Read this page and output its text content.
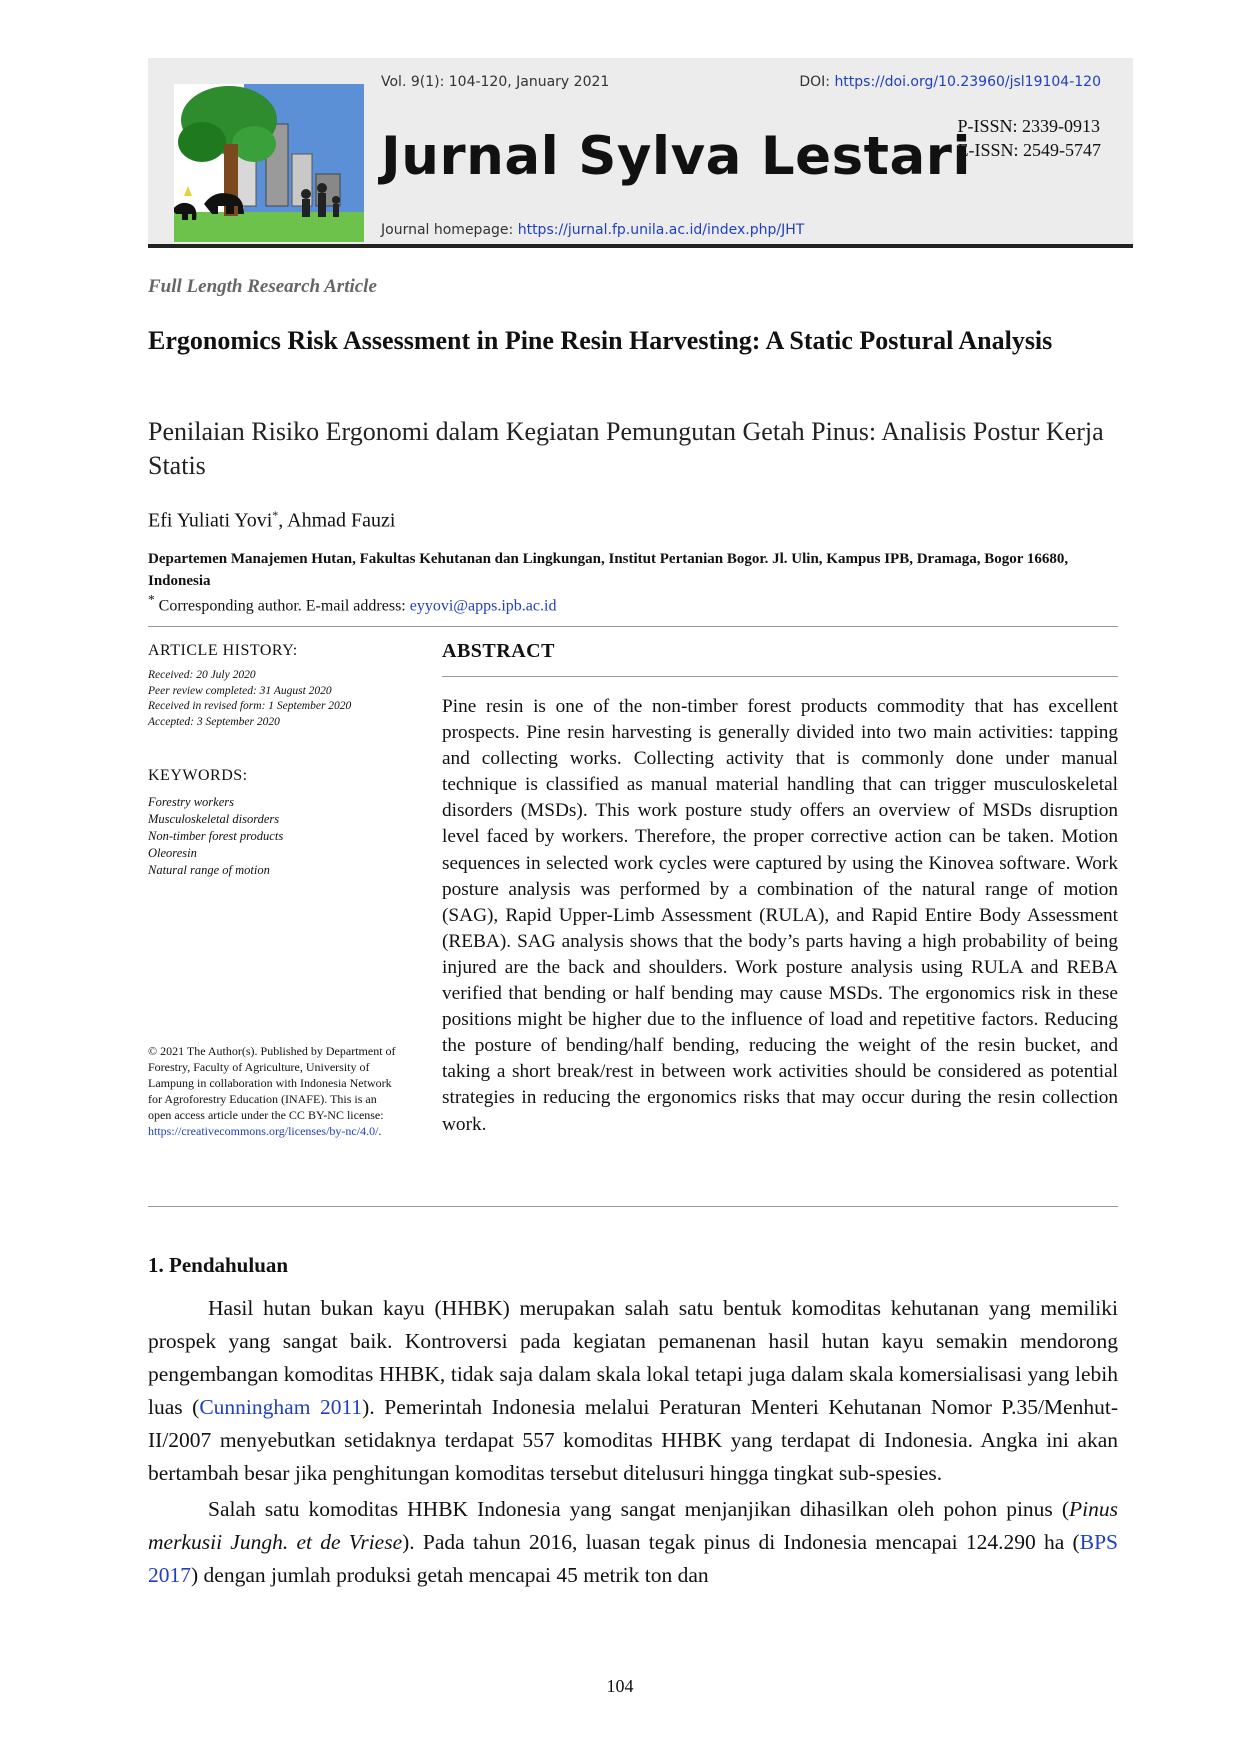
Vol. 9(1): 104-120, January 2021	DOI: https://doi.org/10.23960/jsl19104-120
Jurnal Sylva Lestari
P-ISSN: 2339-0913
E-ISSN: 2549-5747
Journal homepage: https://jurnal.fp.unila.ac.id/index.php/JHT
Full Length Research Article
Ergonomics Risk Assessment in Pine Resin Harvesting: A Static Postural Analysis
Penilaian Risiko Ergonomi dalam Kegiatan Pemungutan Getah Pinus: Analisis Postur Kerja Statis
Efi Yuliati Yovi*, Ahmad Fauzi
Departemen Manajemen Hutan, Fakultas Kehutanan dan Lingkungan, Institut Pertanian Bogor. Jl. Ulin, Kampus IPB, Dramaga, Bogor 16680, Indonesia
* Corresponding author. E-mail address: eyyovi@apps.ipb.ac.id
ARTICLE HISTORY:
Received: 20 July 2020
Peer review completed: 31 August 2020
Received in revised form: 1 September 2020
Accepted: 3 September 2020
KEYWORDS:
Forestry workers
Musculoskeletal disorders
Non-timber forest products
Oleoresin
Natural range of motion
© 2021 The Author(s). Published by Department of Forestry, Faculty of Agriculture, University of Lampung in collaboration with Indonesia Network for Agroforestry Education (INAFE). This is an open access article under the CC BY-NC license: https://creativecommons.org/licenses/by-nc/4.0/.
ABSTRACT
Pine resin is one of the non-timber forest products commodity that has excellent prospects. Pine resin harvesting is generally divided into two main activities: tapping and collecting works. Collecting activity that is commonly done under manual technique is classified as manual material handling that can trigger musculoskeletal disorders (MSDs). This work posture study offers an overview of MSDs disruption level faced by workers. Therefore, the proper corrective action can be taken. Motion sequences in selected work cycles were captured by using the Kinovea software. Work posture analysis was performed by a combination of the natural range of motion (SAG), Rapid Upper-Limb Assessment (RULA), and Rapid Entire Body Assessment (REBA). SAG analysis shows that the body’s parts having a high probability of being injured are the back and shoulders. Work posture analysis using RULA and REBA verified that bending or half bending may cause MSDs. The ergonomics risk in these positions might be higher due to the influence of load and repetitive factors. Reducing the posture of bending/half bending, reducing the weight of the resin bucket, and taking a short break/rest in between work activities should be considered as potential strategies in reducing the ergonomics risks that may occur during the resin collection work.
1. Pendahuluan

Hasil hutan bukan kayu (HHBK) merupakan salah satu bentuk komoditas kehutanan yang memiliki prospek yang sangat baik. Kontroversi pada kegiatan pemanenan hasil hutan kayu semakin mendorong pengembangan komoditas HHBK, tidak saja dalam skala lokal tetapi juga dalam skala komersialisasi yang lebih luas (Cunningham 2011). Pemerintah Indonesia melalui Peraturan Menteri Kehutanan Nomor P.35/Menhut-II/2007 menyebutkan setidaknya terdapat 557 komoditas HHBK yang terdapat di Indonesia. Angka ini akan bertambah besar jika penghitungan komoditas tersebut ditelusuri hingga tingkat sub-spesies.

Salah satu komoditas HHBK Indonesia yang sangat menjanjikan dihasilkan oleh pohon pinus (Pinus merkusii Jungh. et de Vriese). Pada tahun 2016, luasan tegak pinus di Indonesia mencapai 124.290 ha (BPS 2017) dengan jumlah produksi getah mencapai 45 metrik ton dan

104
